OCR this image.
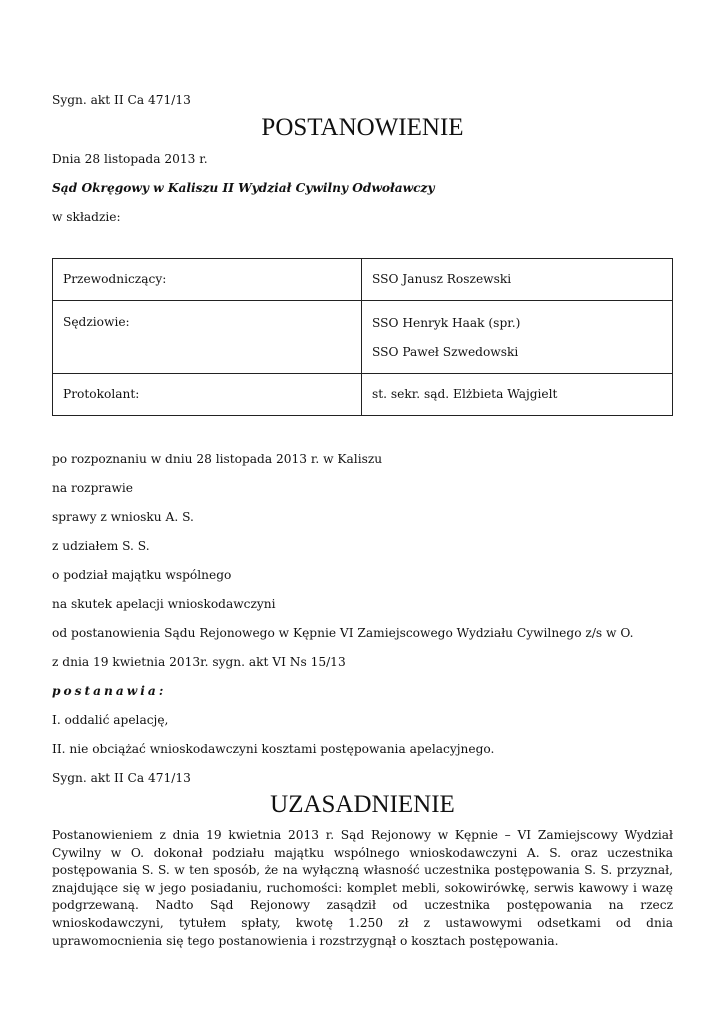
Sygn. akt II Ca 471/13
POSTANOWIENIE
Dnia 28 listopada 2013 r.
Sąd Okręgowy w Kaliszu II Wydział Cywilny Odwoławczy
w składzie:
Przewodniczący:	SSO Janusz Roszewski
Sędziowie:	SSO Henryk Haak (spr.)
SSO Paweł Szwedowski

Protokolant:	st. sekr. sąd. Elżbieta Wajgielt
po rozpoznaniu w dniu 28 listopada 2013 r. w Kaliszu
na rozprawie
sprawy z wniosku A. S.
z udziałem S. S.
o podział majątku wspólnego
na skutek apelacji wnioskodawczyni
od postanowienia Sądu Rejonowego w Kępnie VI Zamiejscowego Wydziału Cywilnego z/s w O.
z dnia 19 kwietnia 2013r. sygn. akt VI Ns 15/13
postanawia:
I. oddalić apelację,
II. nie obciążać wnioskodawczyni kosztami postępowania apelacyjnego.
Sygn. akt II Ca 471/13
UZASADNIENIE
Postanowieniem z dnia 19 kwietnia 2013 r. Sąd Rejonowy w Kępnie – VI Zamiejscowy Wydział Cywilny w O. dokonał podziału majątku wspólnego wnioskodawczyni A. S. oraz uczestnika postępowania S. S. w ten sposób, że na wyłączną własność uczestnika postępowania S. S. przyznał, znajdujące się w jego posiadaniu, ruchomości: komplet mebli, sokowirówkę, serwis kawowy i wazę podgrzewaną. Nadto Sąd Rejonowy zasądził od uczestnika postępowania na rzecz wnioskodawczyni, tytułem spłaty, kwotę 1.250 zł z ustawowymi odsetkami od dnia uprawomocnienia się tego postanowienia i rozstrzygnął o kosztach postępowania.
